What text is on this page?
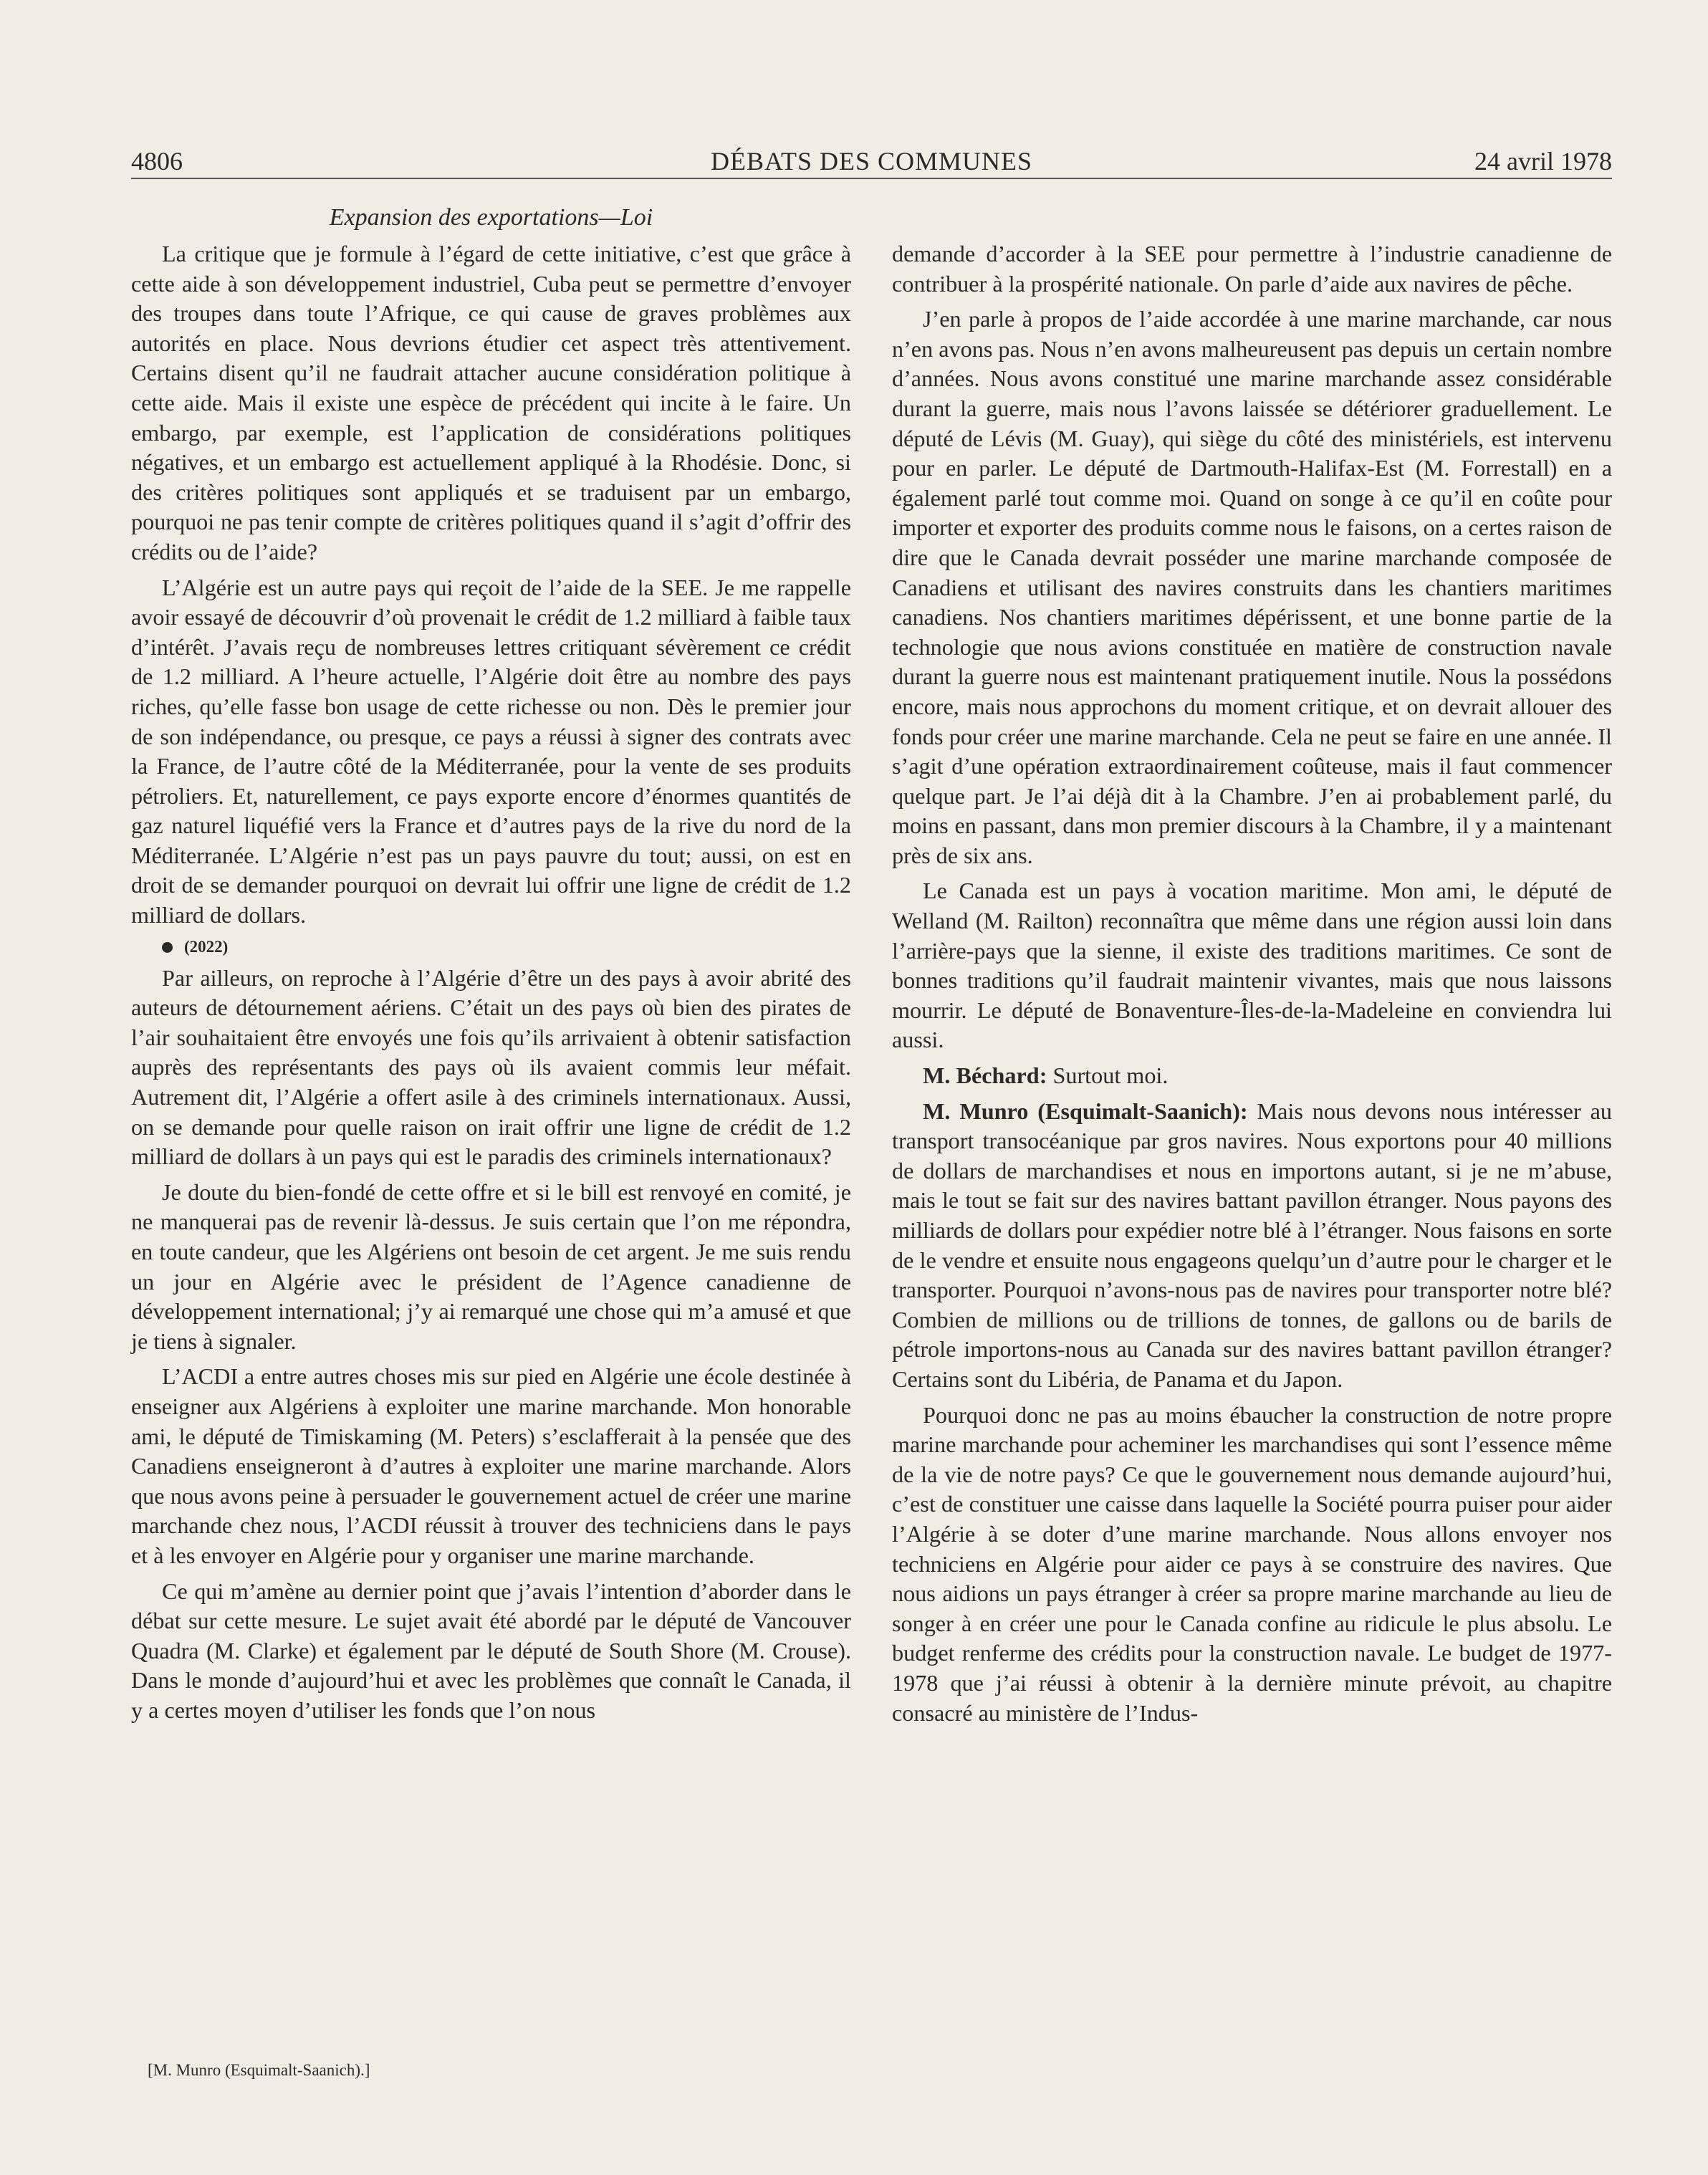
4806	DÉBATS DES COMMUNES	24 avril 1978
Expansion des exportations—Loi

La critique que je formule à l’égard de cette initiative, c’est que grâce à cette aide à son développement industriel, Cuba peut se permettre d’envoyer des troupes dans toute l’Afrique, ce qui cause de graves problèmes aux autorités en place. Nous devrions étudier cet aspect très attentivement. Certains disent qu’il ne faudrait attacher aucune considération politique à cette aide. Mais il existe une espèce de précédent qui incite à le faire. Un embargo, par exemple, est l’application de considérations politiques négatives, et un embargo est actuellement appliqué à la Rhodésie. Donc, si des critères politiques sont appliqués et se traduisent par un embargo, pourquoi ne pas tenir compte de critères politiques quand il s’agit d’offrir des crédits ou de l’aide?

L’Algérie est un autre pays qui reçoit de l’aide de la SEE. Je me rappelle avoir essayé de découvrir d’où provenait le crédit de 1.2 milliard à faible taux d’intérêt. J’avais reçu de nombreuses lettres critiquant sévèrement ce crédit de 1.2 milliard. A l’heure actuelle, l’Algérie doit être au nombre des pays riches, qu’elle fasse bon usage de cette richesse ou non. Dès le premier jour de son indépendance, ou presque, ce pays a réussi à signer des contrats avec la France, de l’autre côté de la Méditerranée, pour la vente de ses produits pétroliers. Et, naturellement, ce pays exporte encore d’énormes quantités de gaz naturel liquéfié vers la France et d’autres pays de la rive du nord de la Méditerranée. L’Algérie n’est pas un pays pauvre du tout; aussi, on est en droit de se demander pourquoi on devrait lui offrir une ligne de crédit de 1.2 milliard de dollars.

(2022)

Par ailleurs, on reproche à l’Algérie d’être un des pays à avoir abrité des auteurs de détournement aériens. C’était un des pays où bien des pirates de l’air souhaitaient être envoyés une fois qu’ils arrivaient à obtenir satisfaction auprès des représentants des pays où ils avaient commis leur méfait. Autrement dit, l’Algérie a offert asile à des criminels internationaux. Aussi, on se demande pour quelle raison on irait offrir une ligne de crédit de 1.2 milliard de dollars à un pays qui est le paradis des criminels internationaux?

Je doute du bien-fondé de cette offre et si le bill est renvoyé en comité, je ne manquerai pas de revenir là-dessus. Je suis certain que l’on me répondra, en toute candeur, que les Algériens ont besoin de cet argent. Je me suis rendu un jour en Algérie avec le président de l’Agence canadienne de développement international; j’y ai remarqué une chose qui m’a amusé et que je tiens à signaler.

L’ACDI a entre autres choses mis sur pied en Algérie une école destinée à enseigner aux Algériens à exploiter une marine marchande. Mon honorable ami, le député de Timiskaming (M. Peters) s’esclafferait à la pensée que des Canadiens enseigneront à d’autres à exploiter une marine marchande. Alors que nous avons peine à persuader le gouvernement actuel de créer une marine marchande chez nous, l’ACDI réussit à trouver des techniciens dans le pays et à les envoyer en Algérie pour y organiser une marine marchande.

Ce qui m’amène au dernier point que j’avais l’intention d’aborder dans le débat sur cette mesure. Le sujet avait été abordé par le député de Vancouver Quadra (M. Clarke) et également par le député de South Shore (M. Crouse). Dans le monde d’aujourd’hui et avec les problèmes que connaît le Canada, il y a certes moyen d’utiliser les fonds que l’on nous

demande d’accorder à la SEE pour permettre à l’industrie canadienne de contribuer à la prospérité nationale. On parle d’aide aux navires de pêche.

J’en parle à propos de l’aide accordée à une marine marchande, car nous n’en avons pas. Nous n’en avons malheureusent pas depuis un certain nombre d’années. Nous avons constitué une marine marchande assez considérable durant la guerre, mais nous l’avons laissée se détériorer graduellement. Le député de Lévis (M. Guay), qui siège du côté des ministériels, est intervenu pour en parler. Le député de Dartmouth-Halifax-Est (M. Forrestall) en a également parlé tout comme moi. Quand on songe à ce qu’il en coûte pour importer et exporter des produits comme nous le faisons, on a certes raison de dire que le Canada devrait posséder une marine marchande composée de Canadiens et utilisant des navires construits dans les chantiers maritimes canadiens. Nos chantiers maritimes dépérissent, et une bonne partie de la technologie que nous avions constituée en matière de construction navale durant la guerre nous est maintenant pratiquement inutile. Nous la possédons encore, mais nous approchons du moment critique, et on devrait allouer des fonds pour créer une marine marchande. Cela ne peut se faire en une année. Il s’agit d’une opération extraordinairement coûteuse, mais il faut commencer quelque part. Je l’ai déjà dit à la Chambre. J’en ai probablement parlé, du moins en passant, dans mon premier discours à la Chambre, il y a maintenant près de six ans.

Le Canada est un pays à vocation maritime. Mon ami, le député de Welland (M. Railton) reconnaîtra que même dans une région aussi loin dans l’arrière-pays que la sienne, il existe des traditions maritimes. Ce sont de bonnes traditions qu’il faudrait maintenir vivantes, mais que nous laissons mourrir. Le député de Bonaventure-Îles-de-la-Madeleine en conviendra lui aussi.

M. Béchard: Surtout moi.

M. Munro (Esquimalt-Saanich): Mais nous devons nous intéresser au transport transocéanique par gros navires. Nous exportons pour 40 millions de dollars de marchandises et nous en importons autant, si je ne m’abuse, mais le tout se fait sur des navires battant pavillon étranger. Nous payons des milliards de dollars pour expédier notre blé à l’étranger. Nous faisons en sorte de le vendre et ensuite nous engageons quelqu’un d’autre pour le charger et le transporter. Pourquoi n’avons-nous pas de navires pour transporter notre blé? Combien de millions ou de trillions de tonnes, de gallons ou de barils de pétrole importons-nous au Canada sur des navires battant pavillon étranger? Certains sont du Libéria, de Panama et du Japon.

Pourquoi donc ne pas au moins ébaucher la construction de notre propre marine marchande pour acheminer les marchandises qui sont l’essence même de la vie de notre pays? Ce que le gouvernement nous demande aujourd’hui, c’est de constituer une caisse dans laquelle la Société pourra puiser pour aider l’Algérie à se doter d’une marine marchande. Nous allons envoyer nos techniciens en Algérie pour aider ce pays à se construire des navires. Que nous aidions un pays étranger à créer sa propre marine marchande au lieu de songer à en créer une pour le Canada confine au ridicule le plus absolu. Le budget renferme des crédits pour la construction navale. Le budget de 1977-1978 que j’ai réussi à obtenir à la dernière minute prévoit, au chapitre consacré au ministère de l’Indus-

[M. Munro (Esquimalt-Saanich).]
